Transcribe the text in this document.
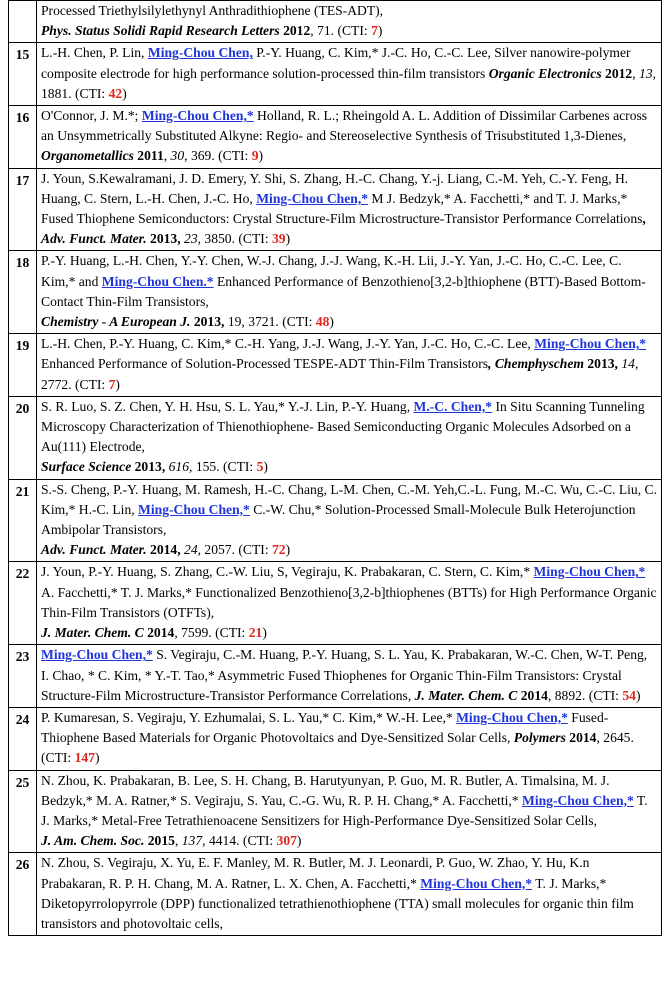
	Processed Triethylsilylethynyl Anthradithiophene (TES-ADT),
Phys. Status Solidi Rapid Research Letters 2012, 71. (CTI: 7)
15	L.-H. Chen, P. Lin, Ming-Chou Chen, P.-Y. Huang, C. Kim,* J.-C. Ho, C.-C. Lee, Silver nanowire-polymer composite electrode for high performance solution-processed thin-film transistors Organic Electronics 2012, 13, 1881. (CTI: 42)
16	O'Connor, J. M.*; Ming-Chou Chen,* Holland, R. L.; Rheingold A. L. Addition of Dissimilar Carbenes across an Unsymmetrically Substituted Alkyne: Regio- and Stereoselective Synthesis of Trisubstituted 1,3-Dienes, Organometallics 2011, 30, 369. (CTI: 9)
17	J. Youn, S.Kewalramani, J. D. Emery, Y. Shi, S. Zhang, H.-C. Chang, Y.-j. Liang, C.-M. Yeh, C.-Y. Feng, H. Huang, C. Stern, L.-H. Chen, J.-C. Ho, Ming-Chou Chen,* M J. Bedzyk,* A. Facchetti,* and T. J. Marks,* Fused Thiophene Semiconductors: Crystal Structure-Film Microstructure-Transistor Performance Correlations,
Adv. Funct. Mater. 2013, 23, 3850. (CTI: 39)
18	P.-Y. Huang, L.-H. Chen, Y.-Y. Chen, W.-J. Chang, J.-J. Wang, K.-H. Lii, J.-Y. Yan, J.-C. Ho, C.-C. Lee, C. Kim,* and Ming-Chou Chen.* Enhanced Performance of Benzothieno[3,2-b]thiophene (BTT)-Based Bottom-Contact Thin-Film Transistors,
Chemistry - A European J. 2013, 19, 3721. (CTI: 48)
19	L.-H. Chen, P.-Y. Huang, C. Kim,* C.-H. Yang, J.-J. Wang, J.-Y. Yan, J.-C. Ho, C.-C. Lee, Ming-Chou Chen,* Enhanced Performance of Solution-Processed TESPE-ADT Thin-Film Transistors, Chemphyschem 2013, 14, 2772. (CTI: 7)
20	S. R. Luo, S. Z. Chen, Y. H. Hsu, S. L. Yau,* Y.-J. Lin, P.-Y. Huang, M.-C. Chen,* In Situ Scanning Tunneling Microscopy Characterization of Thienothiophene- Based Semiconducting Organic Molecules Adsorbed on a Au(111) Electrode,
Surface Science 2013, 616, 155. (CTI: 5)
21	S.-S. Cheng, P.-Y. Huang, M. Ramesh, H.-C. Chang, L-M. Chen, C.-M. Yeh,C.-L. Fung, M.-C. Wu, C.-C. Liu, C. Kim,* H.-C. Lin, Ming-Chou Chen,* C.-W. Chu,* Solution-Processed Small-Molecule Bulk Heterojunction Ambipolar Transistors,
Adv. Funct. Mater. 2014, 24, 2057. (CTI: 72)
22	J. Youn, P.-Y. Huang, S. Zhang, C.-W. Liu, S, Vegiraju, K. Prabakaran, C. Stern, C. Kim,* Ming-Chou Chen,* A. Facchetti,* T. J. Marks,* Functionalized Benzothieno[3,2-b]thiophenes (BTTs) for High Performance Organic Thin-Film Transistors (OTFTs),
J. Mater. Chem. C 2014, 7599. (CTI: 21)
23	Ming-Chou Chen,* S. Vegiraju, C.-M. Huang, P.-Y. Huang, S. L. Yau, K. Prabakaran, W.-C. Chen, W-T. Peng, I. Chao, * C. Kim, * Y.-T. Tao,* Asymmetric Fused Thiophenes for Organic Thin-Film Transistors: Crystal Structure-Film Microstructure-Transistor Performance Correlations, J. Mater. Chem. C 2014, 8892. (CTI: 54)
24	P. Kumaresan, S. Vegiraju, Y. Ezhumalai, S. L. Yau,* C. Kim,* W.-H. Lee,* Ming-Chou Chen,* Fused-Thiophene Based Materials for Organic Photovoltaics and Dye-Sensitized Solar Cells, Polymers 2014, 2645. (CTI: 147)
25	N. Zhou, K. Prabakaran, B. Lee, S. H. Chang, B. Harutyunyan, P. Guo, M. R. Butler, A. Timalsina, M. J. Bedzyk,* M. A. Ratner,* S. Vegiraju, S. Yau, C.-G. Wu, R. P. H. Chang,* A. Facchetti,* Ming-Chou Chen,* T. J. Marks,* Metal-Free Tetrathienoacene Sensitizers for High-Performance Dye-Sensitized Solar Cells,
J. Am. Chem. Soc. 2015, 137, 4414. (CTI: 307)
26	N. Zhou, S. Vegiraju, X. Yu, E. F. Manley, M. R. Butler, M. J. Leonardi, P. Guo, W. Zhao, Y. Hu, K.n Prabakaran, R. P. H. Chang, M. A. Ratner, L. X. Chen, A. Facchetti,* Ming-Chou Chen,* T. J. Marks,* Diketopyrrolopyrrole (DPP) functionalized tetrathienothiophene (TTA) small molecules for organic thin film transistors and photovoltaic cells,
